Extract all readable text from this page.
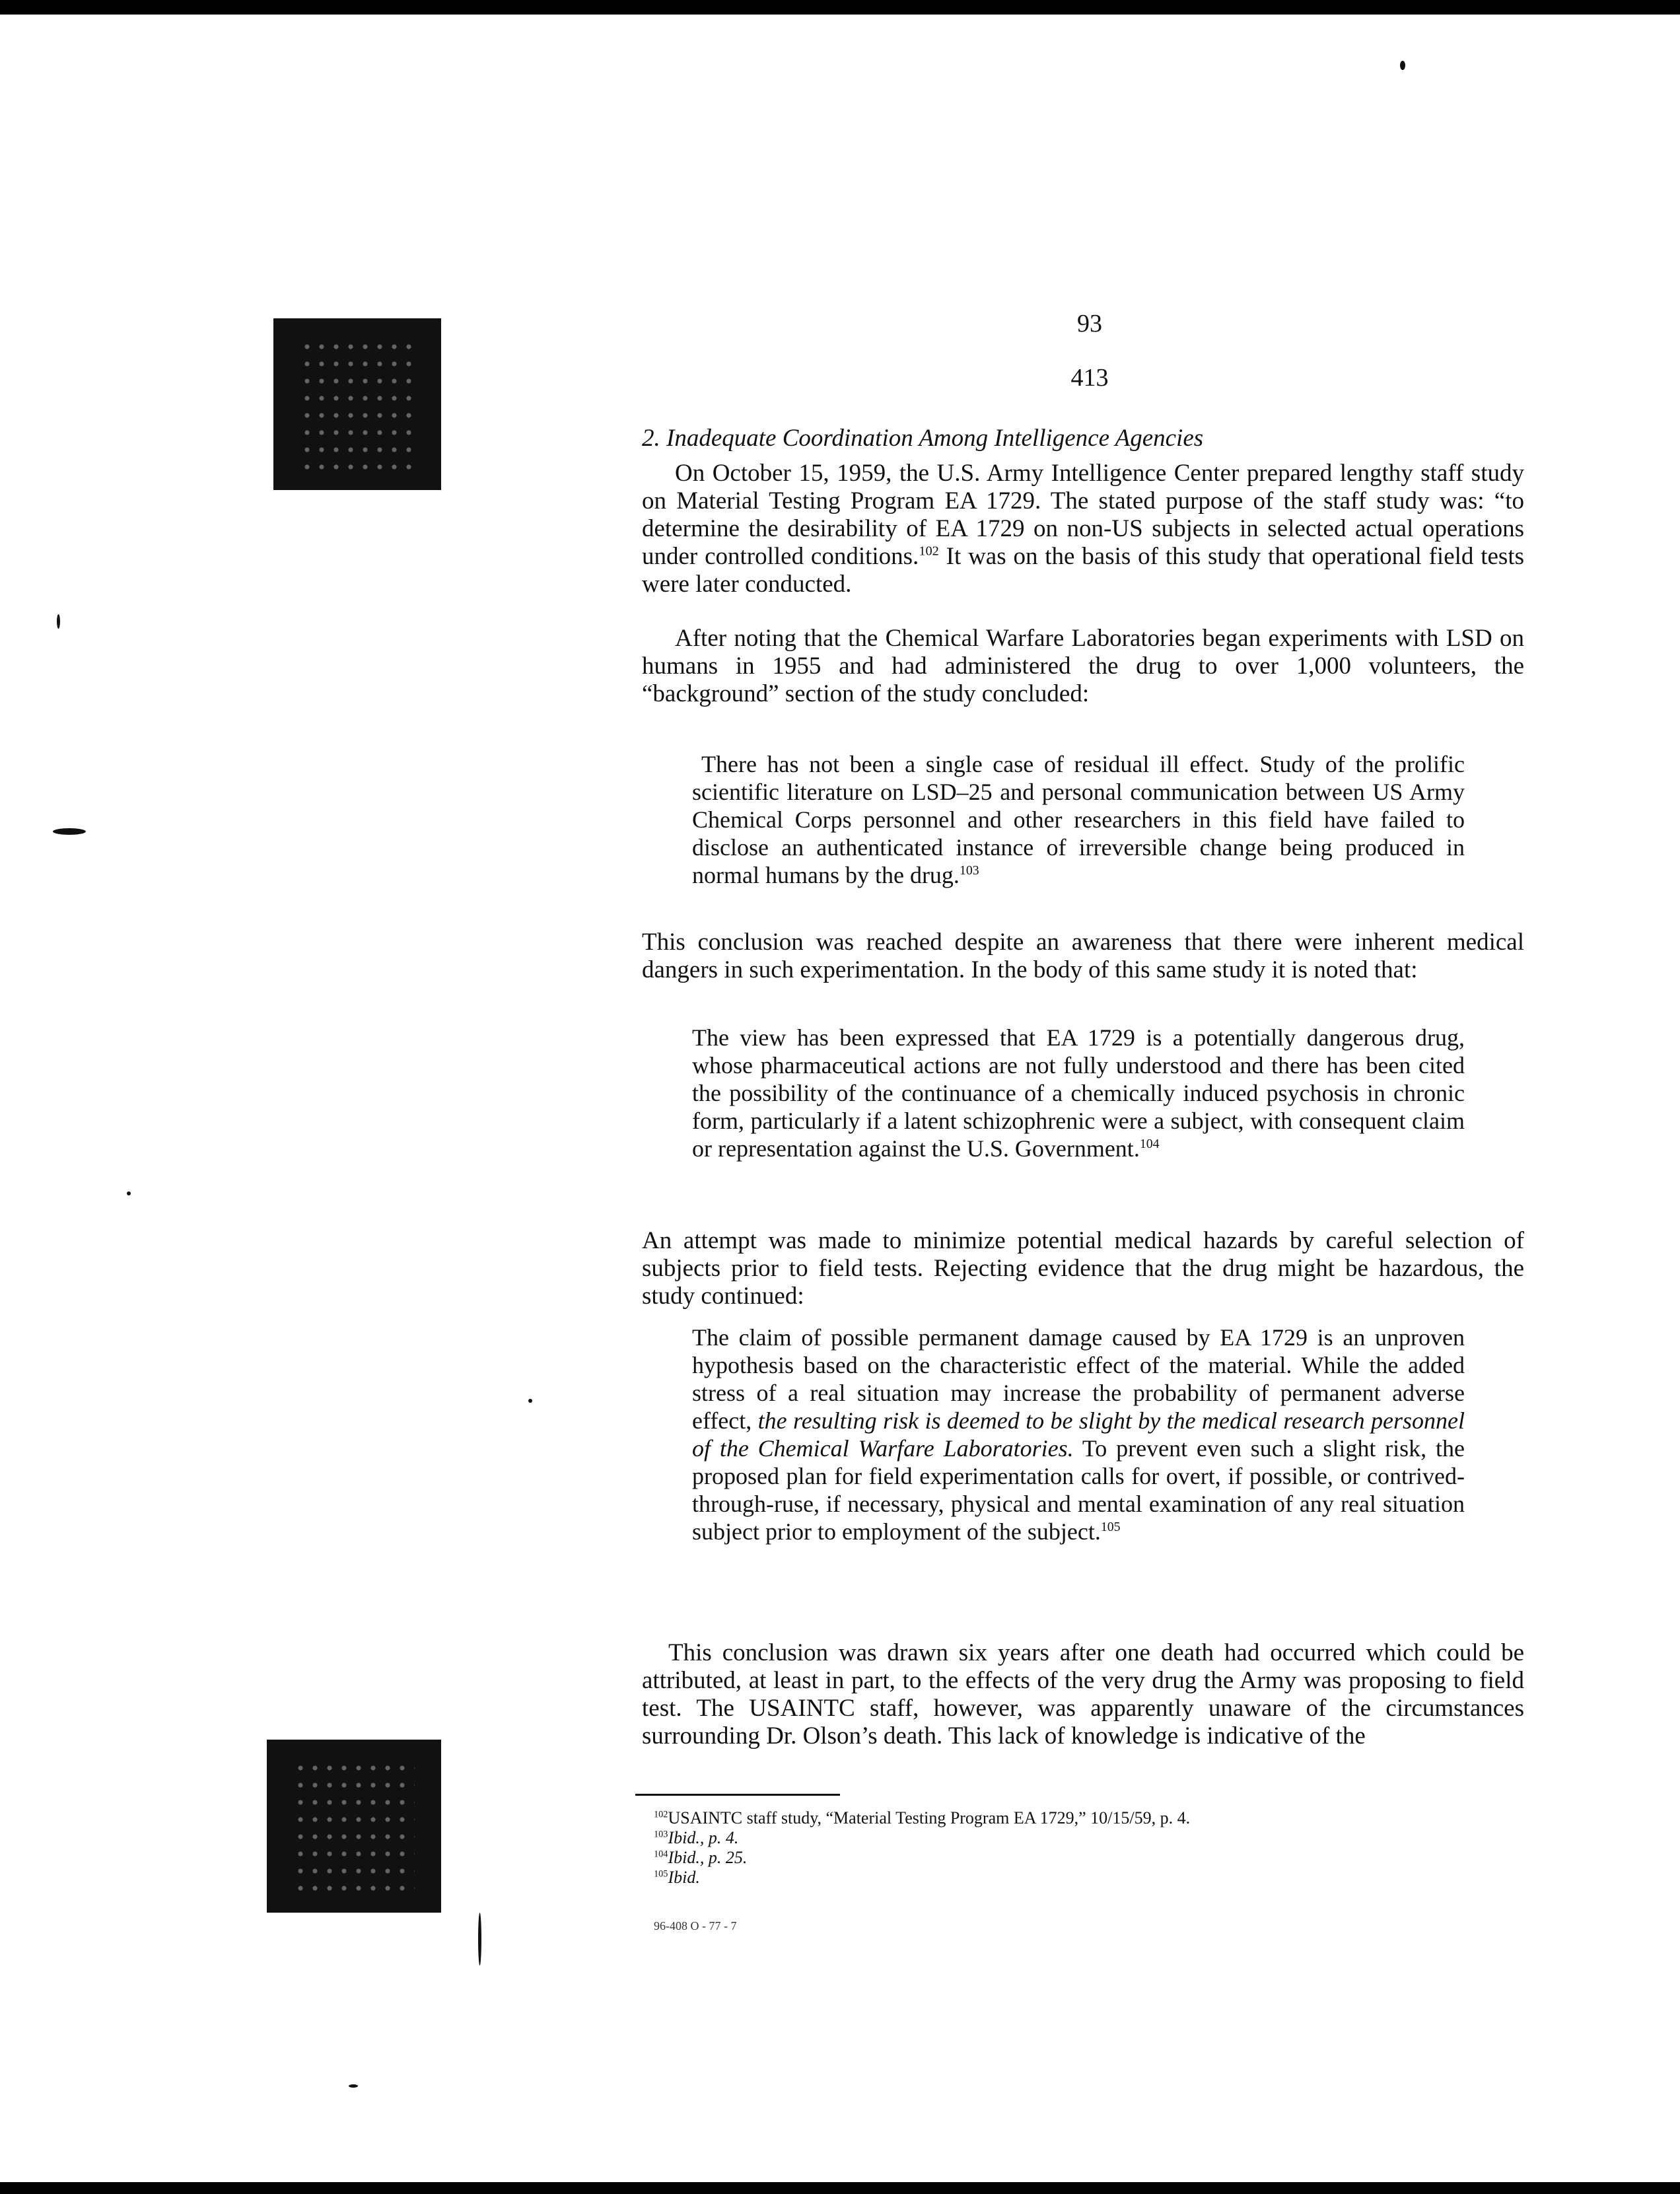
93
413
2. Inadequate Coordination Among Intelligence Agencies

On October 15, 1959, the U.S. Army Intelligence Center prepared lengthy staff study on Material Testing Program EA 1729. The stated purpose of the staff study was: “to determine the desirability of EA 1729 on non-US subjects in selected actual operations under controlled conditions.$^{102}$ It was on the basis of this study that operational field tests were later conducted.

After noting that the Chemical Warfare Laboratories began experiments with LSD on humans in 1955 and had administered the drug to over 1,000 volunteers, the “background” section of the study concluded:

There has not been a single case of residual ill effect. Study of the prolific scientific literature on LSD–25 and personal communication between US Army Chemical Corps personnel and other researchers in this field have failed to disclose an authenticated instance of irreversible change being produced in normal humans by the drug.$^{103}$

This conclusion was reached despite an awareness that there were inherent medical dangers in such experimentation. In the body of this same study it is noted that:

The view has been expressed that EA 1729 is a potentially dangerous drug, whose pharmaceutical actions are not fully understood and there has been cited the possibility of the continuance of a chemically induced psychosis in chronic form, particularly if a latent schizophrenic were a subject, with consequent claim or representation against the U.S. Government.$^{104}$

An attempt was made to minimize potential medical hazards by careful selection of subjects prior to field tests. Rejecting evidence that the drug might be hazardous, the study continued:

The claim of possible permanent damage caused by EA 1729 is an unproven hypothesis based on the characteristic effect of the material. While the added stress of a real situation may increase the probability of permanent adverse effect, the resulting risk is deemed to be slight by the medical research personnel of the Chemical Warfare Laboratories. To prevent even such a slight risk, the proposed plan for field experimentation calls for overt, if possible, or contrived-through-ruse, if necessary, physical and mental examination of any real situation subject prior to employment of the subject.$^{105}$

This conclusion was drawn six years after one death had occurred which could be attributed, at least in part, to the effects of the very drug the Army was proposing to field test. The USAINTC staff, however, was apparently unaware of the circumstances surrounding Dr. Olson’s death. This lack of knowledge is indicative of the

$^{102}$USAINTC staff study, “Material Testing Program EA 1729,” 10/15/59, p. 4.
$^{103}$Ibid., p. 4.
$^{104}$Ibid., p. 25.
$^{105}$Ibid.
96-408 O - 77 - 7
